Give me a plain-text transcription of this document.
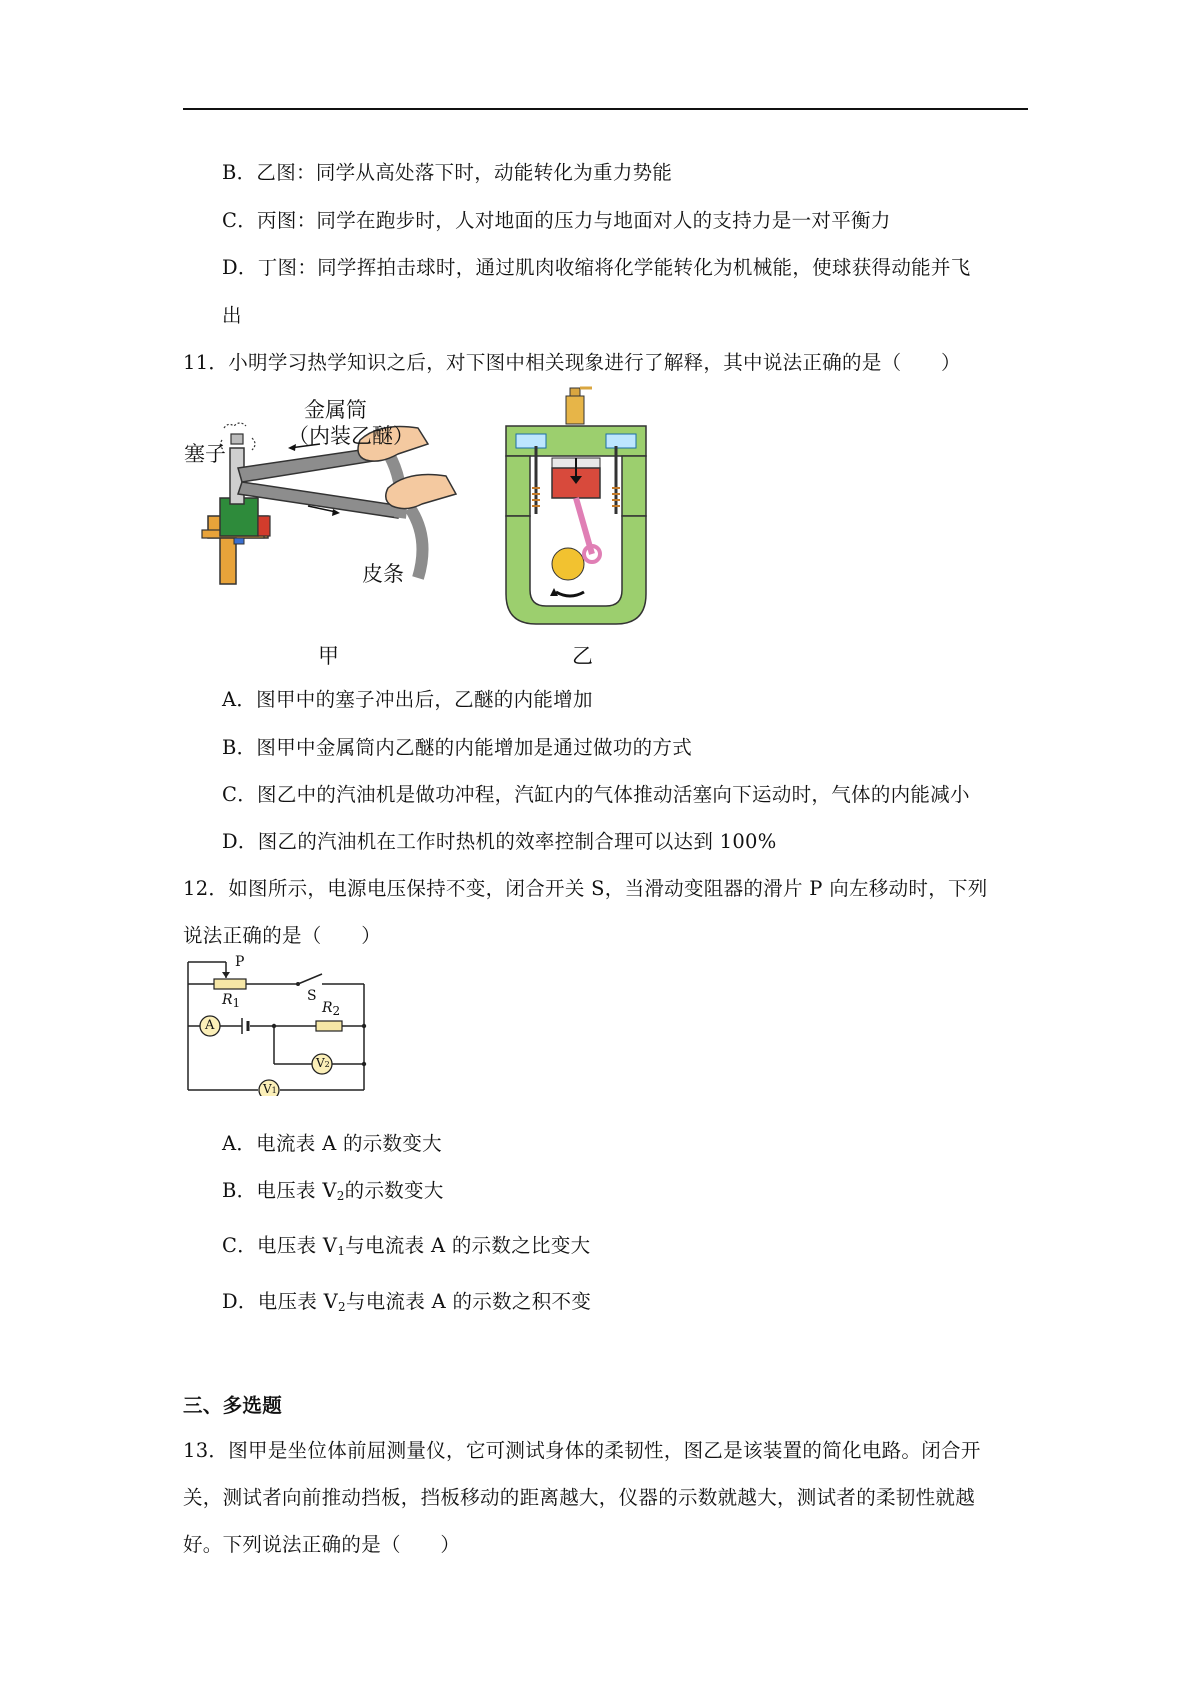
B．乙图：同学从高处落下时，动能转化为重力势能
C．丙图：同学在跑步时，人对地面的压力与地面对人的支持力是一对平衡力
D．丁图：同学挥拍击球时，通过肌肉收缩将化学能转化为机械能，使球获得动能并飞
出
11．小明学习热学知识之后，对下图中相关现象进行了解释，其中说法正确的是（　　）
金属筒
（内装乙醚）
塞子
皮条
甲	乙
A．图甲中的塞子冲出后，乙醚的内能增加
B．图甲中金属筒内乙醚的内能增加是通过做功的方式
C．图乙中的汽油机是做功冲程，汽缸内的气体推动活塞向下运动时，气体的内能减小
D．图乙的汽油机在工作时热机的效率控制合理可以达到 100%
12．如图所示，电源电压保持不变，闭合开关 S，当滑动变阻器的滑片 P 向左移动时，下列
说法正确的是（　　）
P
R1	S
R2
A
V2
V1
A．电流表 A 的示数变大
B．电压表 $V_2$的示数变大
C．电压表 $V_1$与电流表 A 的示数之比变大
D．电压表 $V_2$与电流表 A 的示数之积不变
三、多选题
13．图甲是坐位体前屈测量仪，它可测试身体的柔韧性，图乙是该装置的简化电路。闭合开
关，测试者向前推动挡板，挡板移动的距离越大，仪器的示数就越大，测试者的柔韧性就越
好。下列说法正确的是（　　）
